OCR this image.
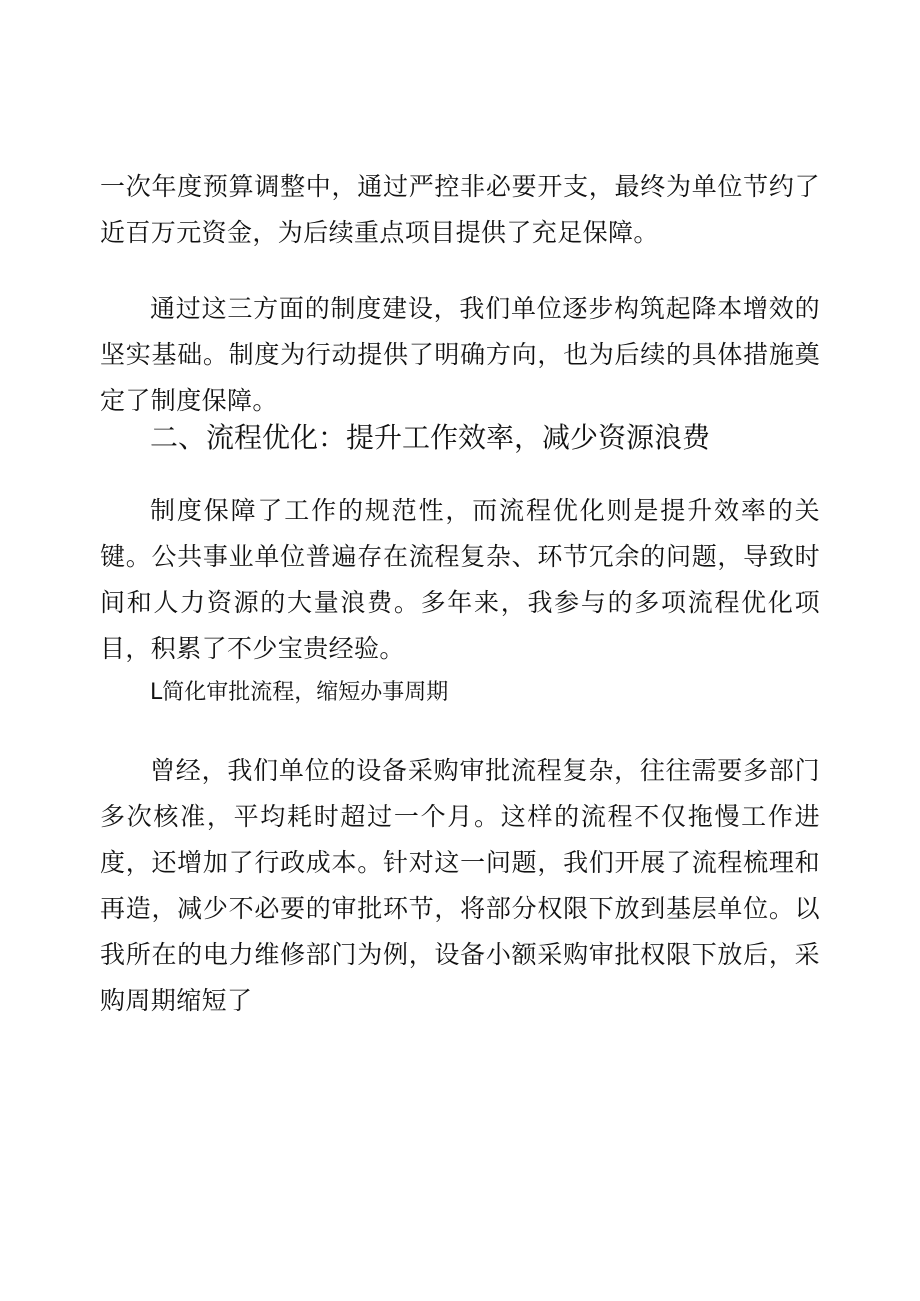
一次年度预算调整中，通过严控非必要开支，最终为单位节约了近百万元资金，为后续重点项目提供了充足保障。

通过这三方面的制度建设，我们单位逐步构筑起降本增效的坚实基础。制度为行动提供了明确方向，也为后续的具体措施奠定了制度保障。

二、流程优化：提升工作效率，减少资源浪费

制度保障了工作的规范性，而流程优化则是提升效率的关键。公共事业单位普遍存在流程复杂、环节冗余的问题，导致时间和人力资源的大量浪费。多年来，我参与的多项流程优化项目，积累了不少宝贵经验。

L简化审批流程，缩短办事周期

曾经，我们单位的设备采购审批流程复杂，往往需要多部门多次核准，平均耗时超过一个月。这样的流程不仅拖慢工作进度，还增加了行政成本。针对这一问题，我们开展了流程梳理和再造，减少不必要的审批环节，将部分权限下放到基层单位。以我所在的电力维修部门为例，设备小额采购审批权限下放后，采购周期缩短了
